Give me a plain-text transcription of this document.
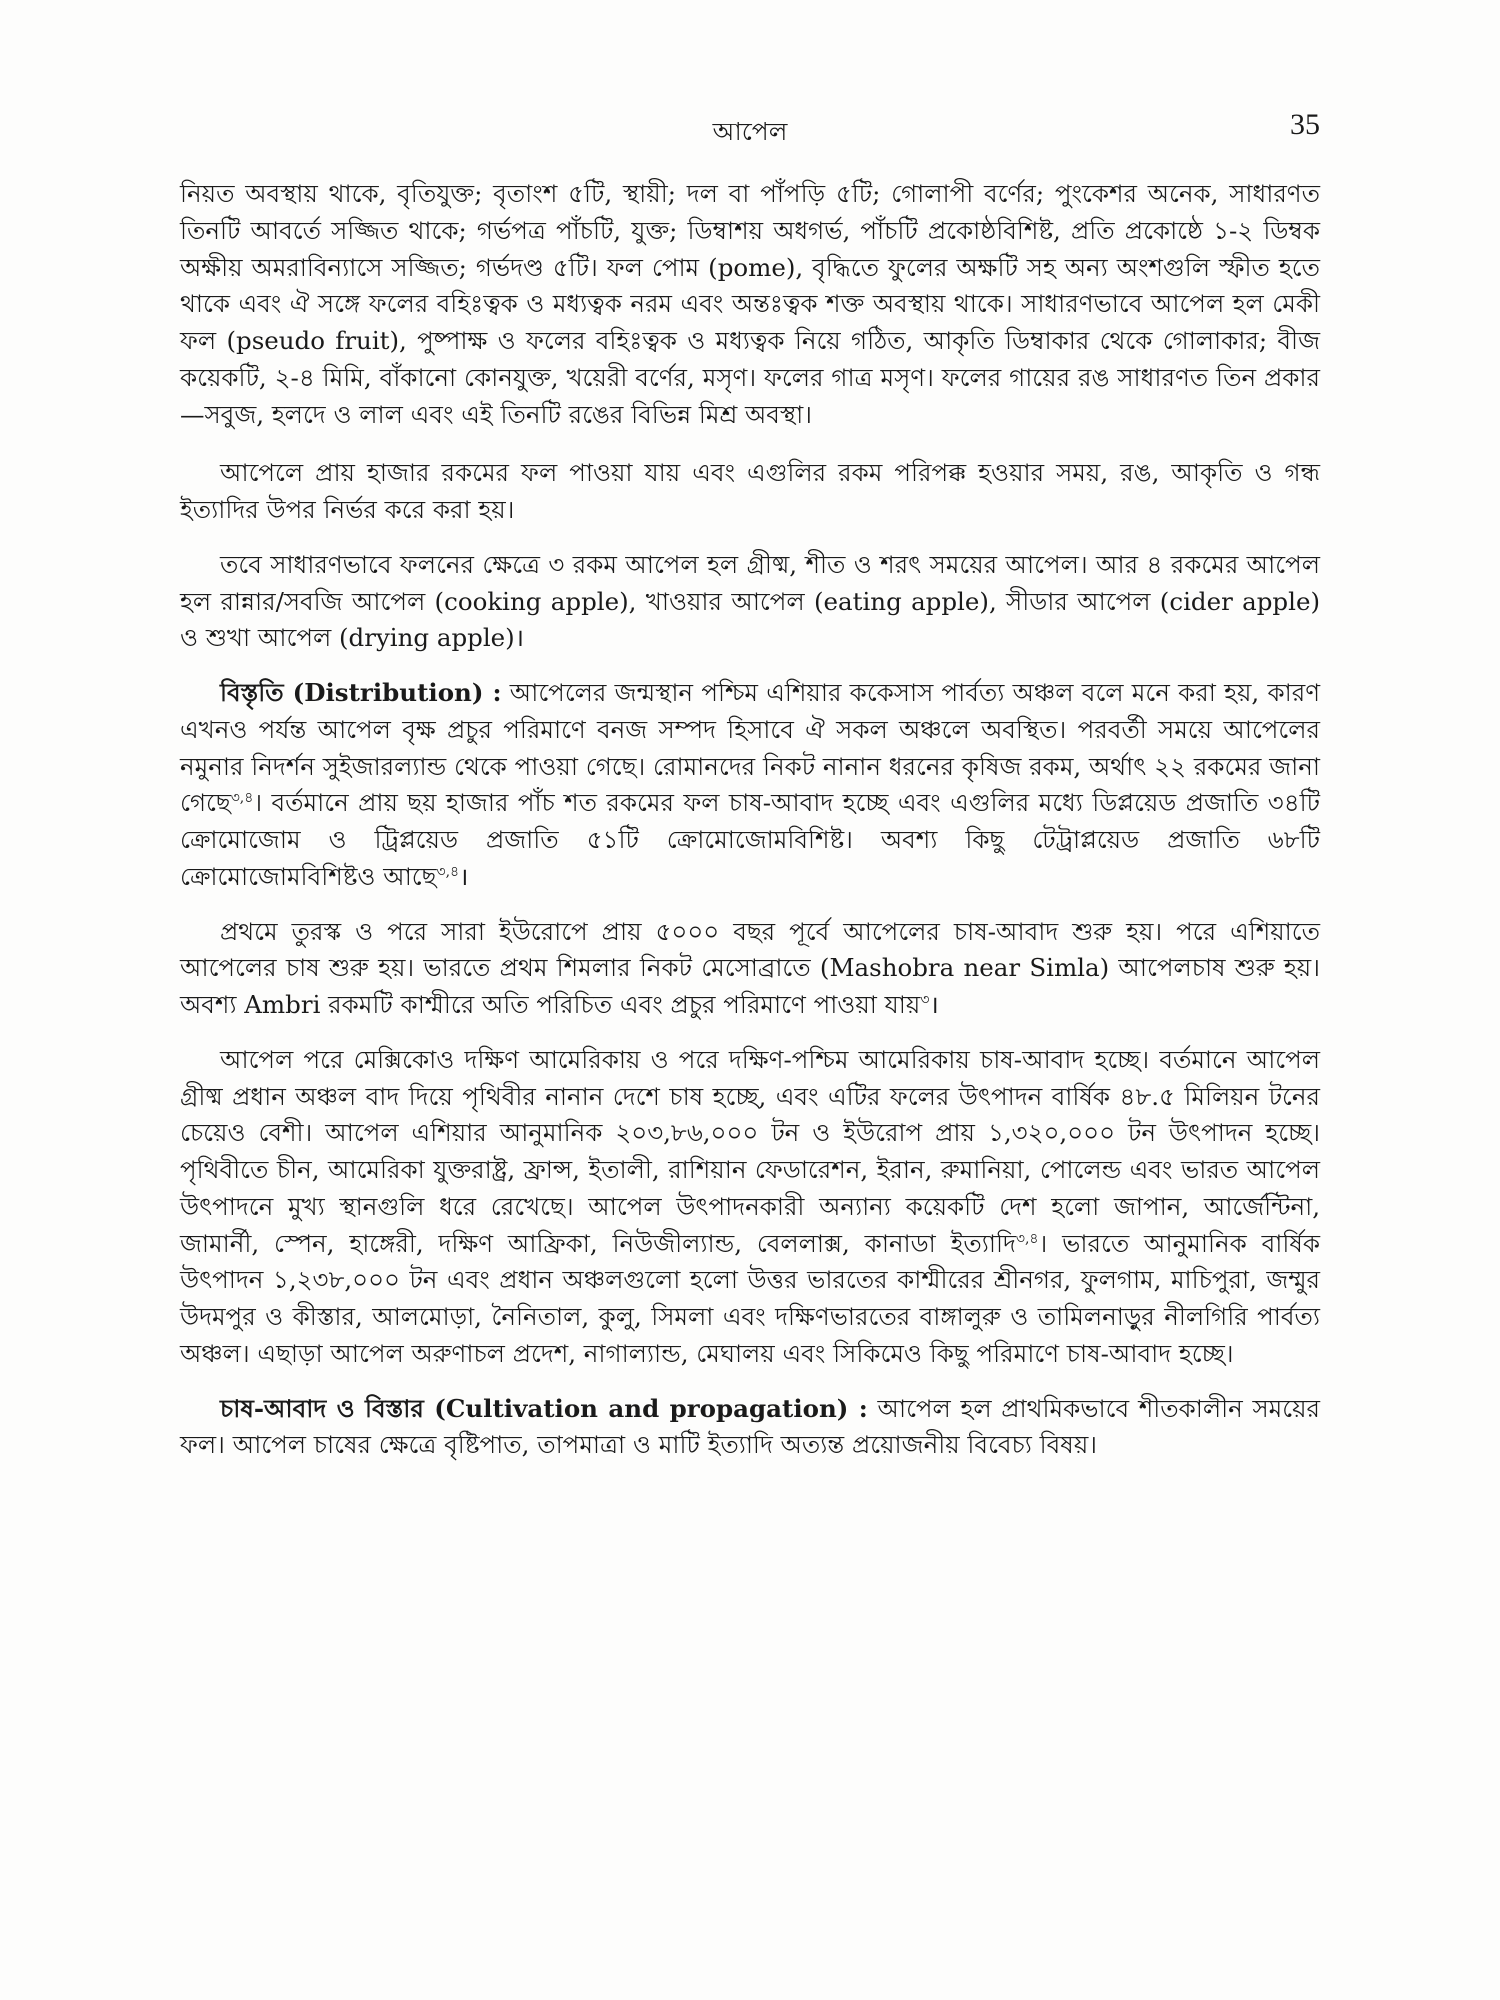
আপেল	35

নিয়ত অবস্থায় থাকে, বৃতিযুক্ত; বৃতাংশ ৫টি, স্থায়ী; দল বা পাঁপড়ি ৫টি; গোলাপী বর্ণের; পুংকেশর অনেক, সাধারণত তিনটি আবর্তে সজ্জিত থাকে; গর্ভপত্র পাঁচটি, যুক্ত; ডিম্বাশয় অধগর্ভ, পাঁচটি প্রকোষ্ঠবিশিষ্ট, প্রতি প্রকোষ্ঠে ১-২ ডিম্বক অক্ষীয় অমরাবিন্যাসে সজ্জিত; গর্ভদণ্ড ৫টি। ফল পোম (pome), বৃদ্ধিতে ফুলের অক্ষটি সহ অন্য অংশগুলি স্ফীত হতে থাকে এবং ঐ সঙ্গে ফলের বহিঃত্বক ও মধ্যত্বক নরম এবং অন্তঃত্বক শক্ত অবস্থায় থাকে। সাধারণভাবে আপেল হল মেকী ফল (pseudo fruit), পুষ্পাক্ষ ও ফলের বহিঃত্বক ও মধ্যত্বক নিয়ে গঠিত, আকৃতি ডিম্বাকার থেকে গোলাকার; বীজ কয়েকটি, ২-৪ মিমি, বাঁকানো কোনযুক্ত, খয়েরী বর্ণের, মসৃণ। ফলের গাত্র মসৃণ। ফলের গায়ের রঙ সাধারণত তিন প্রকার—সবুজ, হলদে ও লাল এবং এই তিনটি রঙের বিভিন্ন মিশ্র অবস্থা।

আপেলে প্রায় হাজার রকমের ফল পাওয়া যায় এবং এগুলির রকম পরিপক্ক হওয়ার সময়, রঙ, আকৃতি ও গন্ধ ইত্যাদির উপর নির্ভর করে করা হয়।

তবে সাধারণভাবে ফলনের ক্ষেত্রে ৩ রকম আপেল হল গ্রীষ্ম, শীত ও শরৎ সময়ের আপেল। আর ৪ রকমের আপেল হল রান্নার/সবজি আপেল (cooking apple), খাওয়ার আপেল (eating apple), সীডার আপেল (cider apple) ও শুখা আপেল (drying apple)।

বিস্তৃতি (Distribution) : আপেলের জন্মস্থান পশ্চিম এশিয়ার ককেসাস পার্বত্য অঞ্চল বলে মনে করা হয়, কারণ এখনও পর্যন্ত আপেল বৃক্ষ প্রচুর পরিমাণে বনজ সম্পদ হিসাবে ঐ সকল অঞ্চলে অবস্থিত। পরবর্তী সময়ে আপেলের নমুনার নিদর্শন সুইজারল্যান্ড থেকে পাওয়া গেছে। রোমানদের নিকট নানান ধরনের কৃষিজ রকম, অর্থাৎ ২২ রকমের জানা গেছে$^{৩,৪}$। বর্তমানে প্রায় ছয় হাজার পাঁচ শত রকমের ফল চাষ-আবাদ হচ্ছে এবং এগুলির মধ্যে ডিপ্লয়েড প্রজাতি ৩৪টি ক্রোমোজোম ও ট্রিপ্লয়েড প্রজাতি ৫১টি ক্রোমোজোমবিশিষ্ট। অবশ্য কিছু টেট্রাপ্লয়েড প্রজাতি ৬৮টি ক্রোমোজোমবিশিষ্টও আছে$^{৩,৪}$।

প্রথমে তুরস্ক ও পরে সারা ইউরোপে প্রায় ৫০০০ বছর পূর্বে আপেলের চাষ-আবাদ শুরু হয়। পরে এশিয়াতে আপেলের চাষ শুরু হয়। ভারতে প্রথম শিমলার নিকট মেসোব্রাতে (Mashobra near Simla) আপেলচাষ শুরু হয়। অবশ্য Ambri রকমটি কাশ্মীরে অতি পরিচিত এবং প্রচুর পরিমাণে পাওয়া যায়$^৩$।

আপেল পরে মেক্সিকোও দক্ষিণ আমেরিকায় ও পরে দক্ষিণ-পশ্চিম আমেরিকায় চাষ-আবাদ হচ্ছে। বর্তমানে আপেল গ্রীষ্ম প্রধান অঞ্চল বাদ দিয়ে পৃথিবীর নানান দেশে চাষ হচ্ছে, এবং এটির ফলের উৎপাদন বার্ষিক ৪৮.৫ মিলিয়ন টনের চেয়েও বেশী। আপেল এশিয়ার আনুমানিক ২০৩,৮৬,০০০ টন ও ইউরোপ প্রায় ১,৩২০,০০০ টন উৎপাদন হচ্ছে। পৃথিবীতে চীন, আমেরিকা যুক্তরাষ্ট্র, ফ্রান্স, ইতালী, রাশিয়ান ফেডারেশন, ইরান, রুমানিয়া, পোলেন্ড এবং ভারত আপেল উৎপাদনে মুখ্য স্থানগুলি ধরে রেখেছে। আপেল উৎপাদনকারী অন্যান্য কয়েকটি দেশ হলো জাপান, আর্জেন্টিনা, জামার্নী, স্পেন, হাঙ্গেরী, দক্ষিণ আফ্রিকা, নিউজীল্যান্ড, বেললাক্স, কানাডা ইত্যাদি$^{৩,৪}$। ভারতে আনুমানিক বার্ষিক উৎপাদন ১,২৩৮,০০০ টন এবং প্রধান অঞ্চলগুলো হলো উত্তর ভারতের কাশ্মীরের শ্রীনগর, ফুলগাম, মাচিপুরা, জম্মুর উদমপুর ও কীস্তার, আলমোড়া, নৈনিতাল, কুলু, সিমলা এবং দক্ষিণভারতের বাঙ্গালুরু ও তামিলনাড়ুর নীলগিরি পার্বত্য অঞ্চল। এছাড়া আপেল অরুণাচল প্রদেশ, নাগাল্যান্ড, মেঘালয় এবং সিকিমেও কিছু পরিমাণে চাষ-আবাদ হচ্ছে।

চাষ-আবাদ ও বিস্তার (Cultivation and propagation) : আপেল হল প্রাথমিকভাবে শীতকালীন সময়ের ফল। আপেল চাষের ক্ষেত্রে বৃষ্টিপাত, তাপমাত্রা ও মাটি ইত্যাদি অত্যন্ত প্রয়োজনীয় বিবেচ্য বিষয়।
